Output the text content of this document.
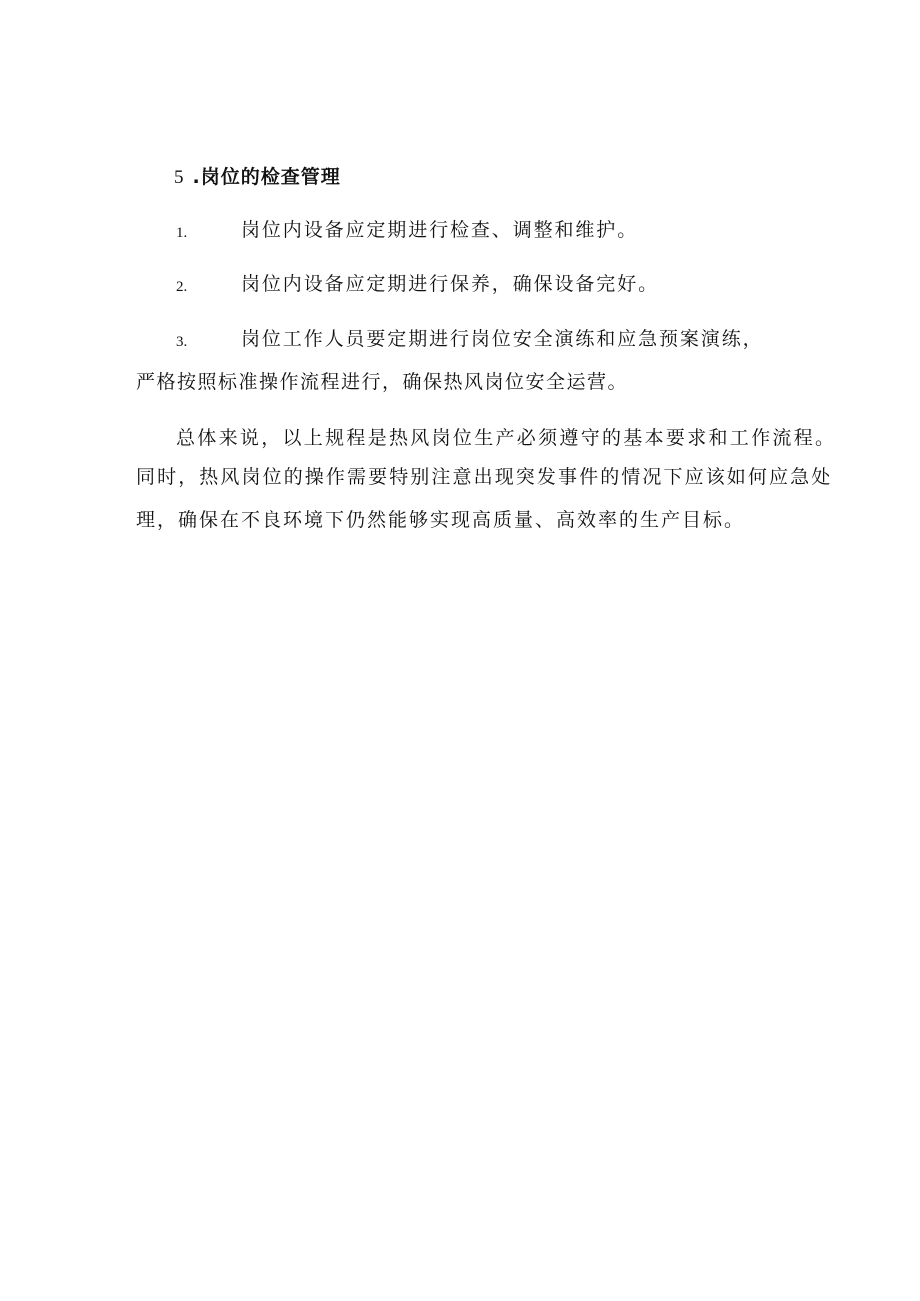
5 .岗位的检查管理
1.	岗位内设备应定期进行检查、调整和维护。
2.	岗位内设备应定期进行保养，确保设备完好。
3.	岗位工作人员要定期进行岗位安全演练和应急预案演练，
严格按照标准操作流程进行，确保热风岗位安全运营。
总体来说，以上规程是热风岗位生产必须遵守的基本要求和工作流程。
同时，热风岗位的操作需要特别注意出现突发事件的情况下应该如何应急处
理，确保在不良环境下仍然能够实现高质量、高效率的生产目标。
